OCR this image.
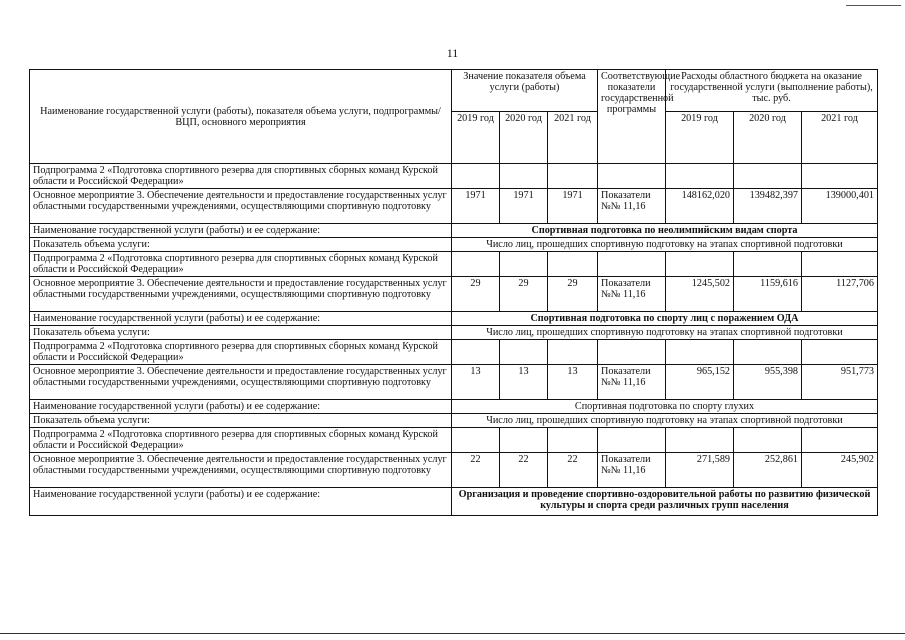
11
Наименование государственной услуги (работы), показателя объема услуги, подпрограммы/ВЦП, основного мероприятия	Значение показателя объема услуги (работы)			Соответствующие показатели государственной программы	Расходы областного бюджета на оказание государственной услуги (выполнение работы), тыс. руб.		
	2019 год	2020 год	2021 год		2019 год	2020 год	2021 год
Подпрограмма 2 «Подготовка спортивного резерва для спортивных сборных команд Курской области и Российской Федерации»							
Основное мероприятие 3. Обеспечение деятельности и предоставление государственных услуг областными государственными учреждениями, осуществляющими спортивную подготовку	1971	1971	1971	Показатели №№ 11,16	148162,020	139482,397	139000,401
Наименование государственной услуги (работы) и ее содержание:	Спортивная подготовка по неолимпийским видам спорта						
Показатель объема услуги:	Число лиц, прошедших спортивную подготовку на этапах спортивной подготовки						
Подпрограмма 2 «Подготовка спортивного резерва для спортивных сборных команд Курской области и Российской Федерации»							
Основное мероприятие 3. Обеспечение деятельности и предоставление государственных услуг областными государственными учреждениями, осуществляющими спортивную подготовку	29	29	29	Показатели №№ 11,16	1245,502	1159,616	1127,706
Наименование государственной услуги (работы) и ее содержание:	Спортивная подготовка по спорту лиц с поражением ОДА						
Показатель объема услуги:	Число лиц, прошедших спортивную подготовку на этапах спортивной подготовки						
Подпрограмма 2 «Подготовка спортивного резерва для спортивных сборных команд Курской области и Российской Федерации»							
Основное мероприятие 3. Обеспечение деятельности и предоставление государственных услуг областными государственными учреждениями, осуществляющими спортивную подготовку	13	13	13	Показатели №№ 11,16	965,152	955,398	951,773
Наименование государственной услуги (работы) и ее содержание:	Спортивная подготовка по спорту глухих						
Показатель объема услуги:	Число лиц, прошедших спортивную подготовку на этапах спортивной подготовки						
Подпрограмма 2 «Подготовка спортивного резерва для спортивных сборных команд Курской области и Российской Федерации»							
Основное мероприятие 3. Обеспечение деятельности и предоставление государственных услуг областными государственными учреждениями, осуществляющими спортивную подготовку	22	22	22	Показатели №№ 11,16	271,589	252,861	245,902
Наименование государственной услуги (работы) и ее содержание:	Организация и проведение спортивно-оздоровительной работы по развитию физической культуры и спорта среди различных групп населения						
